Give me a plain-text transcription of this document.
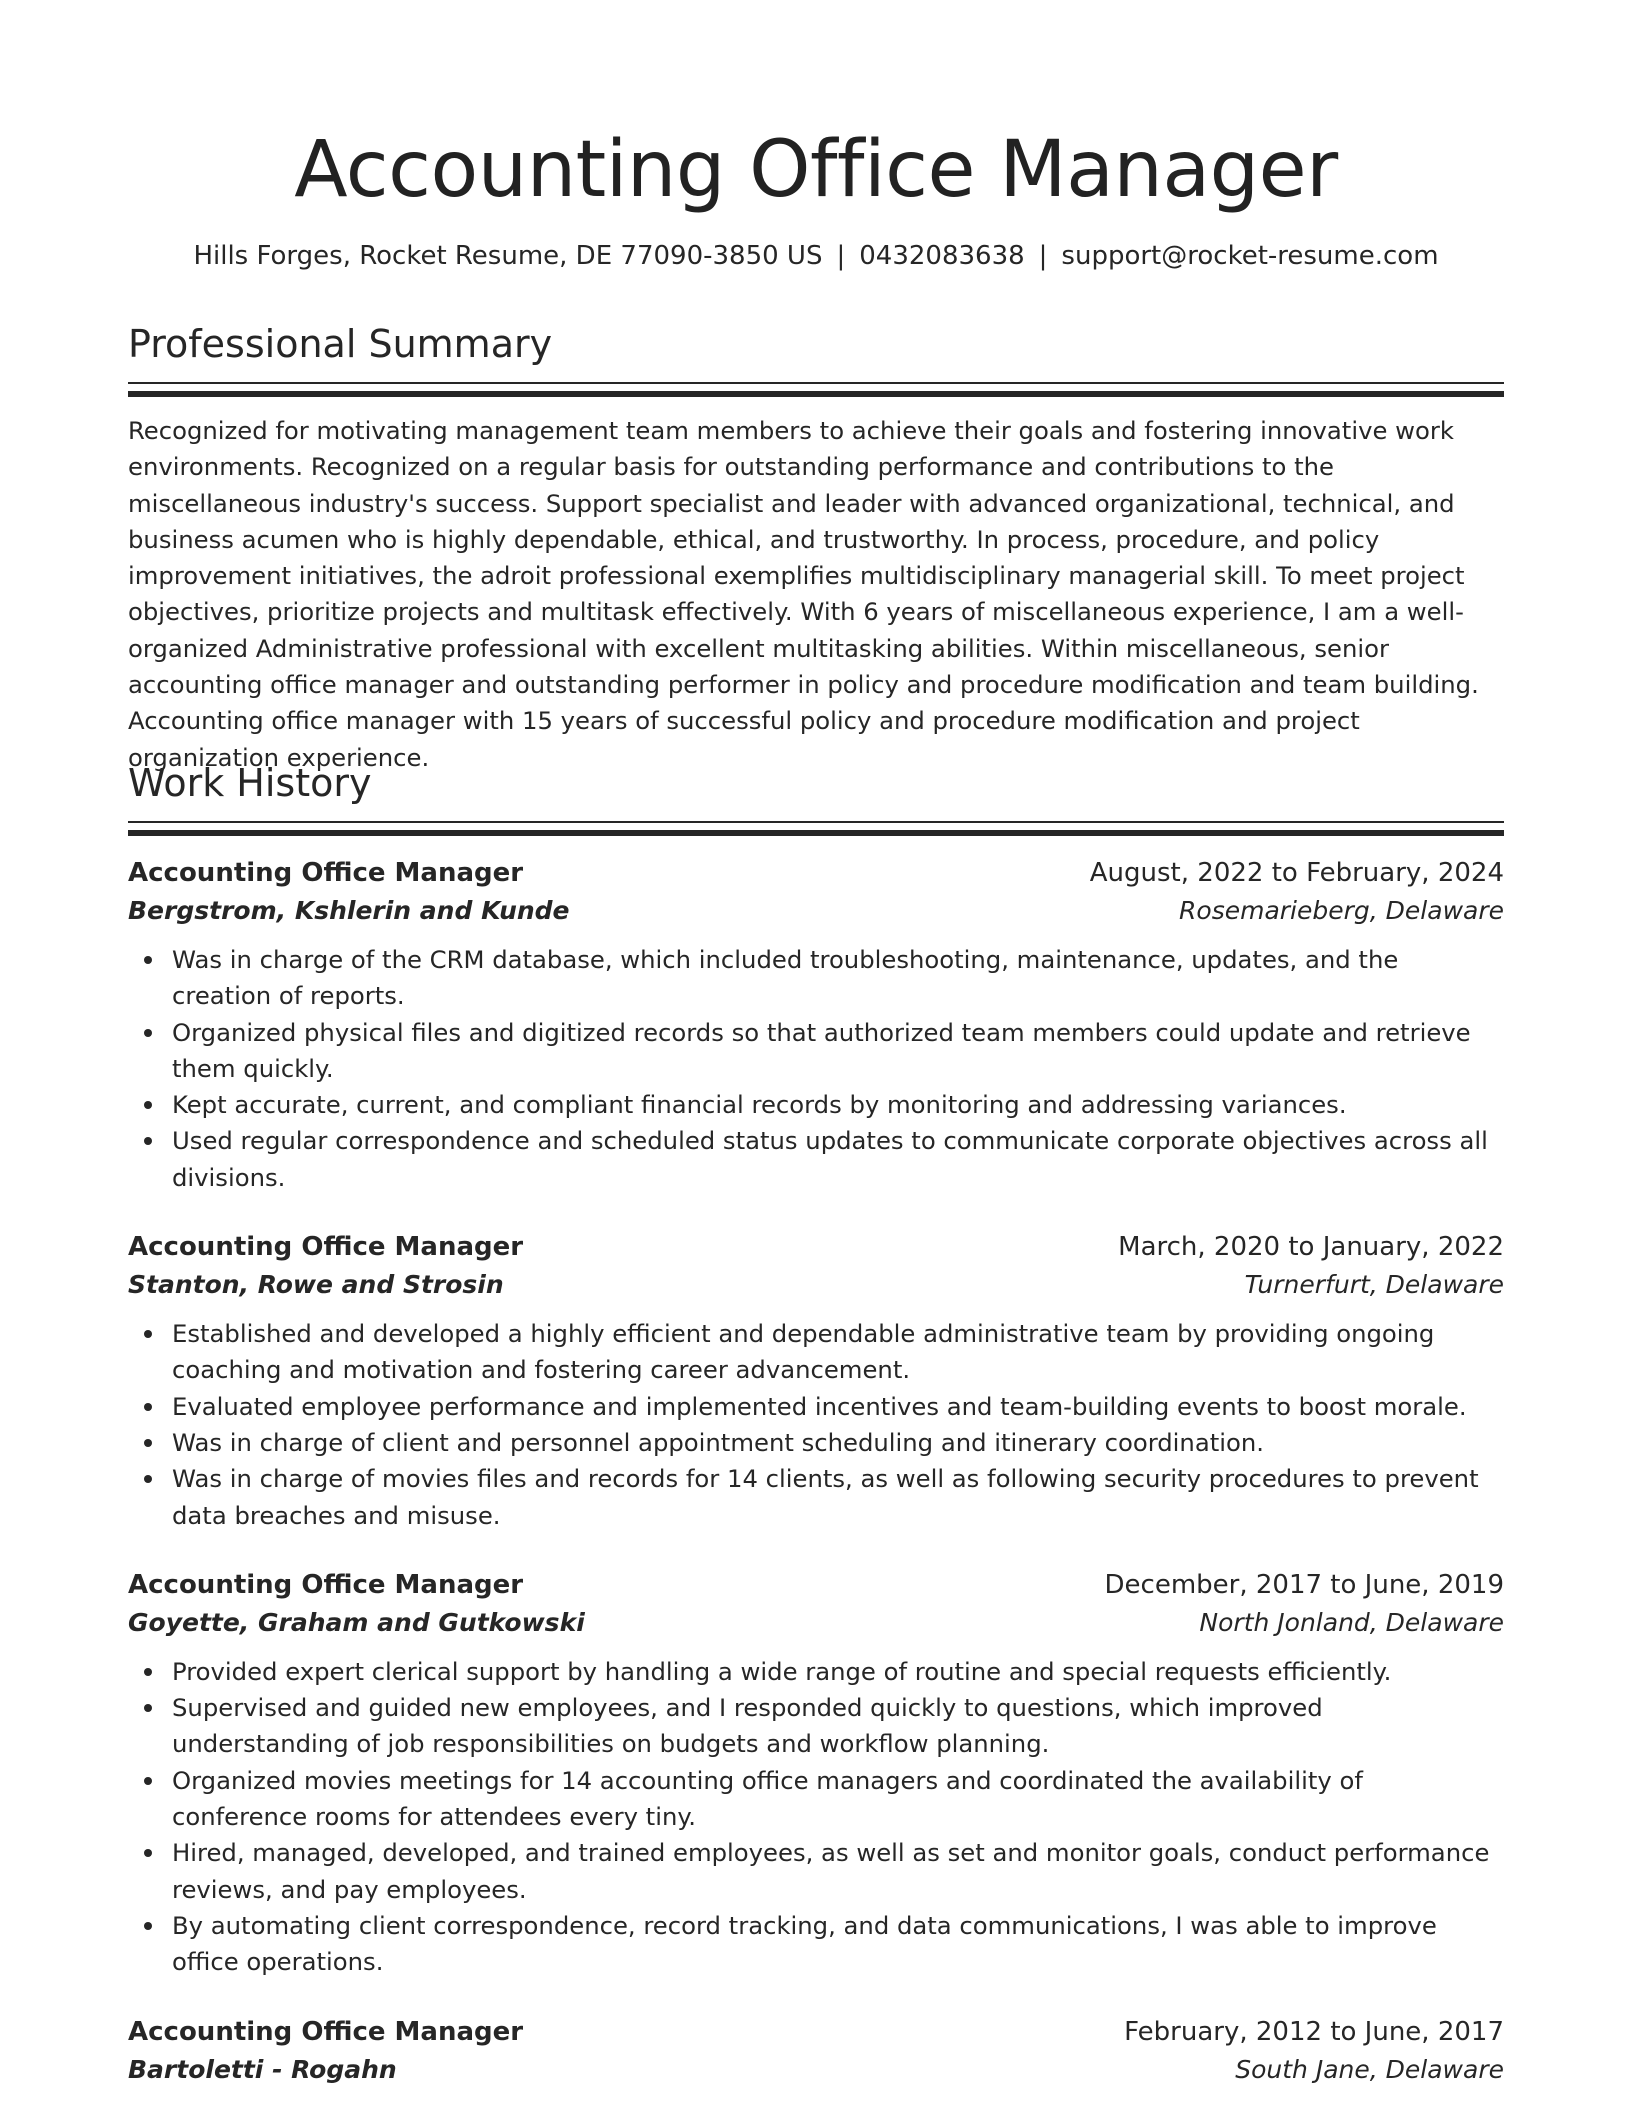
Accounting Office Manager
Hills Forges, Rocket Resume, DE 77090-3850 US | 0432083638 | support@rocket-resume.com
Professional Summary

Recognized for motivating management team members to achieve their goals and fostering innovative work environments. Recognized on a regular basis for outstanding performance and contributions to the miscellaneous industry's success. Support specialist and leader with advanced organizational, technical, and business acumen who is highly dependable, ethical, and trustworthy. In process, procedure, and policy improvement initiatives, the adroit professional exemplifies multidisciplinary managerial skill. To meet project objectives, prioritize projects and multitask effectively. With 6 years of miscellaneous experience, I am a well-organized Administrative professional with excellent multitasking abilities. Within miscellaneous, senior accounting office manager and outstanding performer in policy and procedure modification and team building. Accounting office manager with 15 years of successful policy and procedure modification and project organization experience.

Work History
Accounting Office Manager	August, 2022 to February, 2024
Bergstrom, Kshlerin and Kunde	Rosemarieberg, Delaware
Was in charge of the CRM database, which included troubleshooting, maintenance, updates, and the creation of reports.
Organized physical files and digitized records so that authorized team members could update and retrieve them quickly.
Kept accurate, current, and compliant financial records by monitoring and addressing variances.
Used regular correspondence and scheduled status updates to communicate corporate objectives across all divisions.
Accounting Office Manager	March, 2020 to January, 2022
Stanton, Rowe and Strosin	Turnerfurt, Delaware
Established and developed a highly efficient and dependable administrative team by providing ongoing coaching and motivation and fostering career advancement.
Evaluated employee performance and implemented incentives and team-building events to boost morale.
Was in charge of client and personnel appointment scheduling and itinerary coordination.
Was in charge of movies files and records for 14 clients, as well as following security procedures to prevent data breaches and misuse.
Accounting Office Manager	December, 2017 to June, 2019
Goyette, Graham and Gutkowski	North Jonland, Delaware
Provided expert clerical support by handling a wide range of routine and special requests efficiently.
Supervised and guided new employees, and I responded quickly to questions, which improved understanding of job responsibilities on budgets and workflow planning.
Organized movies meetings for 14 accounting office managers and coordinated the availability of conference rooms for attendees every tiny.
Hired, managed, developed, and trained employees, as well as set and monitor goals, conduct performance reviews, and pay employees.
By automating client correspondence, record tracking, and data communications, I was able to improve office operations.
Accounting Office Manager	February, 2012 to June, 2017
Bartoletti - Rogahn	South Jane, Delaware
